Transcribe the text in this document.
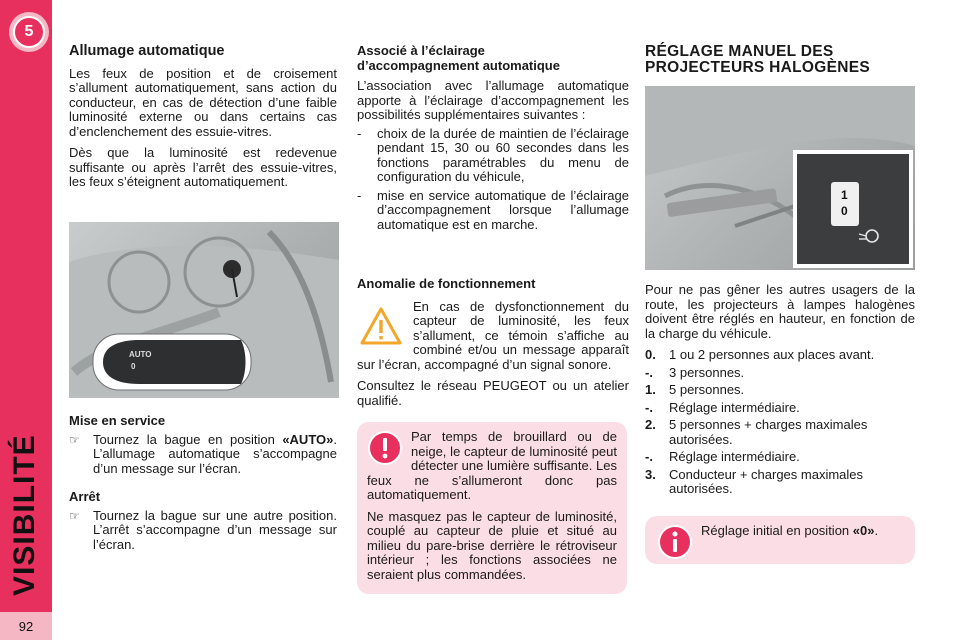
5
VISIBILITÉ
92
Allumage automatique

Les feux de position et de croisement s’allument automatiquement, sans action du conducteur, en cas de détection d’une faible luminosité externe ou dans certains cas d’enclenchement des essuie-vitres.

Dès que la luminosité est redevenue suffisante ou après l’arrêt des essuie-vitres, les feux s’éteignent automatiquement.

AUTO
0
Mise en service
☞ Tournez la bague en position «AUTO». L’allumage automatique s’accompagne d’un message sur l’écran.
Arrêt
☞ Tournez la bague sur une autre position. L’arrêt s’accompagne d’un message sur l’écran.
Associé à l’éclairage
d’accompagnement automatique

L’association avec l’allumage automatique apporte à l’éclairage d’accompagnement les possibilités supplémentaires suivantes :

- choix de la durée de maintien de l’éclairage pendant 15, 30 ou 60 secondes dans les fonctions paramétrables du menu de configuration du véhicule,
- mise en service automatique de l’éclairage d’accompagnement lorsque l’allumage automatique est en marche.
Anomalie de fonctionnement

En cas de dysfonctionnement du capteur de luminosité, les feux s’allument, ce témoin s’affiche au combiné et/ou un message apparaît sur l’écran, accompagné d’un signal sonore.

Consultez le réseau PEUGEOT ou un atelier qualifié.

Par temps de brouillard ou de neige, le capteur de luminosité peut détecter une lumière suffisante. Les feux ne s’allumeront donc pas automatiquement.

Ne masquez pas le capteur de luminosité, couplé au capteur de pluie et situé au milieu du pare-brise derrière le rétroviseur intérieur ; les fonctions associées ne seraient plus commandées.

RÉGLAGE MANUEL DES
PROJECTEURS HALOGÈNES
1
0

Pour ne pas gêner les autres usagers de la route, les projecteurs à lampes halogènes doivent être réglés en hauteur, en fonction de la charge du véhicule.

0. 1 ou 2 personnes aux places avant.
-. 3 personnes.
1. 5 personnes.
-. Réglage intermédiaire.
2. 5 personnes + charges maximales autorisées.
-. Réglage intermédiaire.
3. Conducteur + charges maximales autorisées.
Réglage initial en position «0».
